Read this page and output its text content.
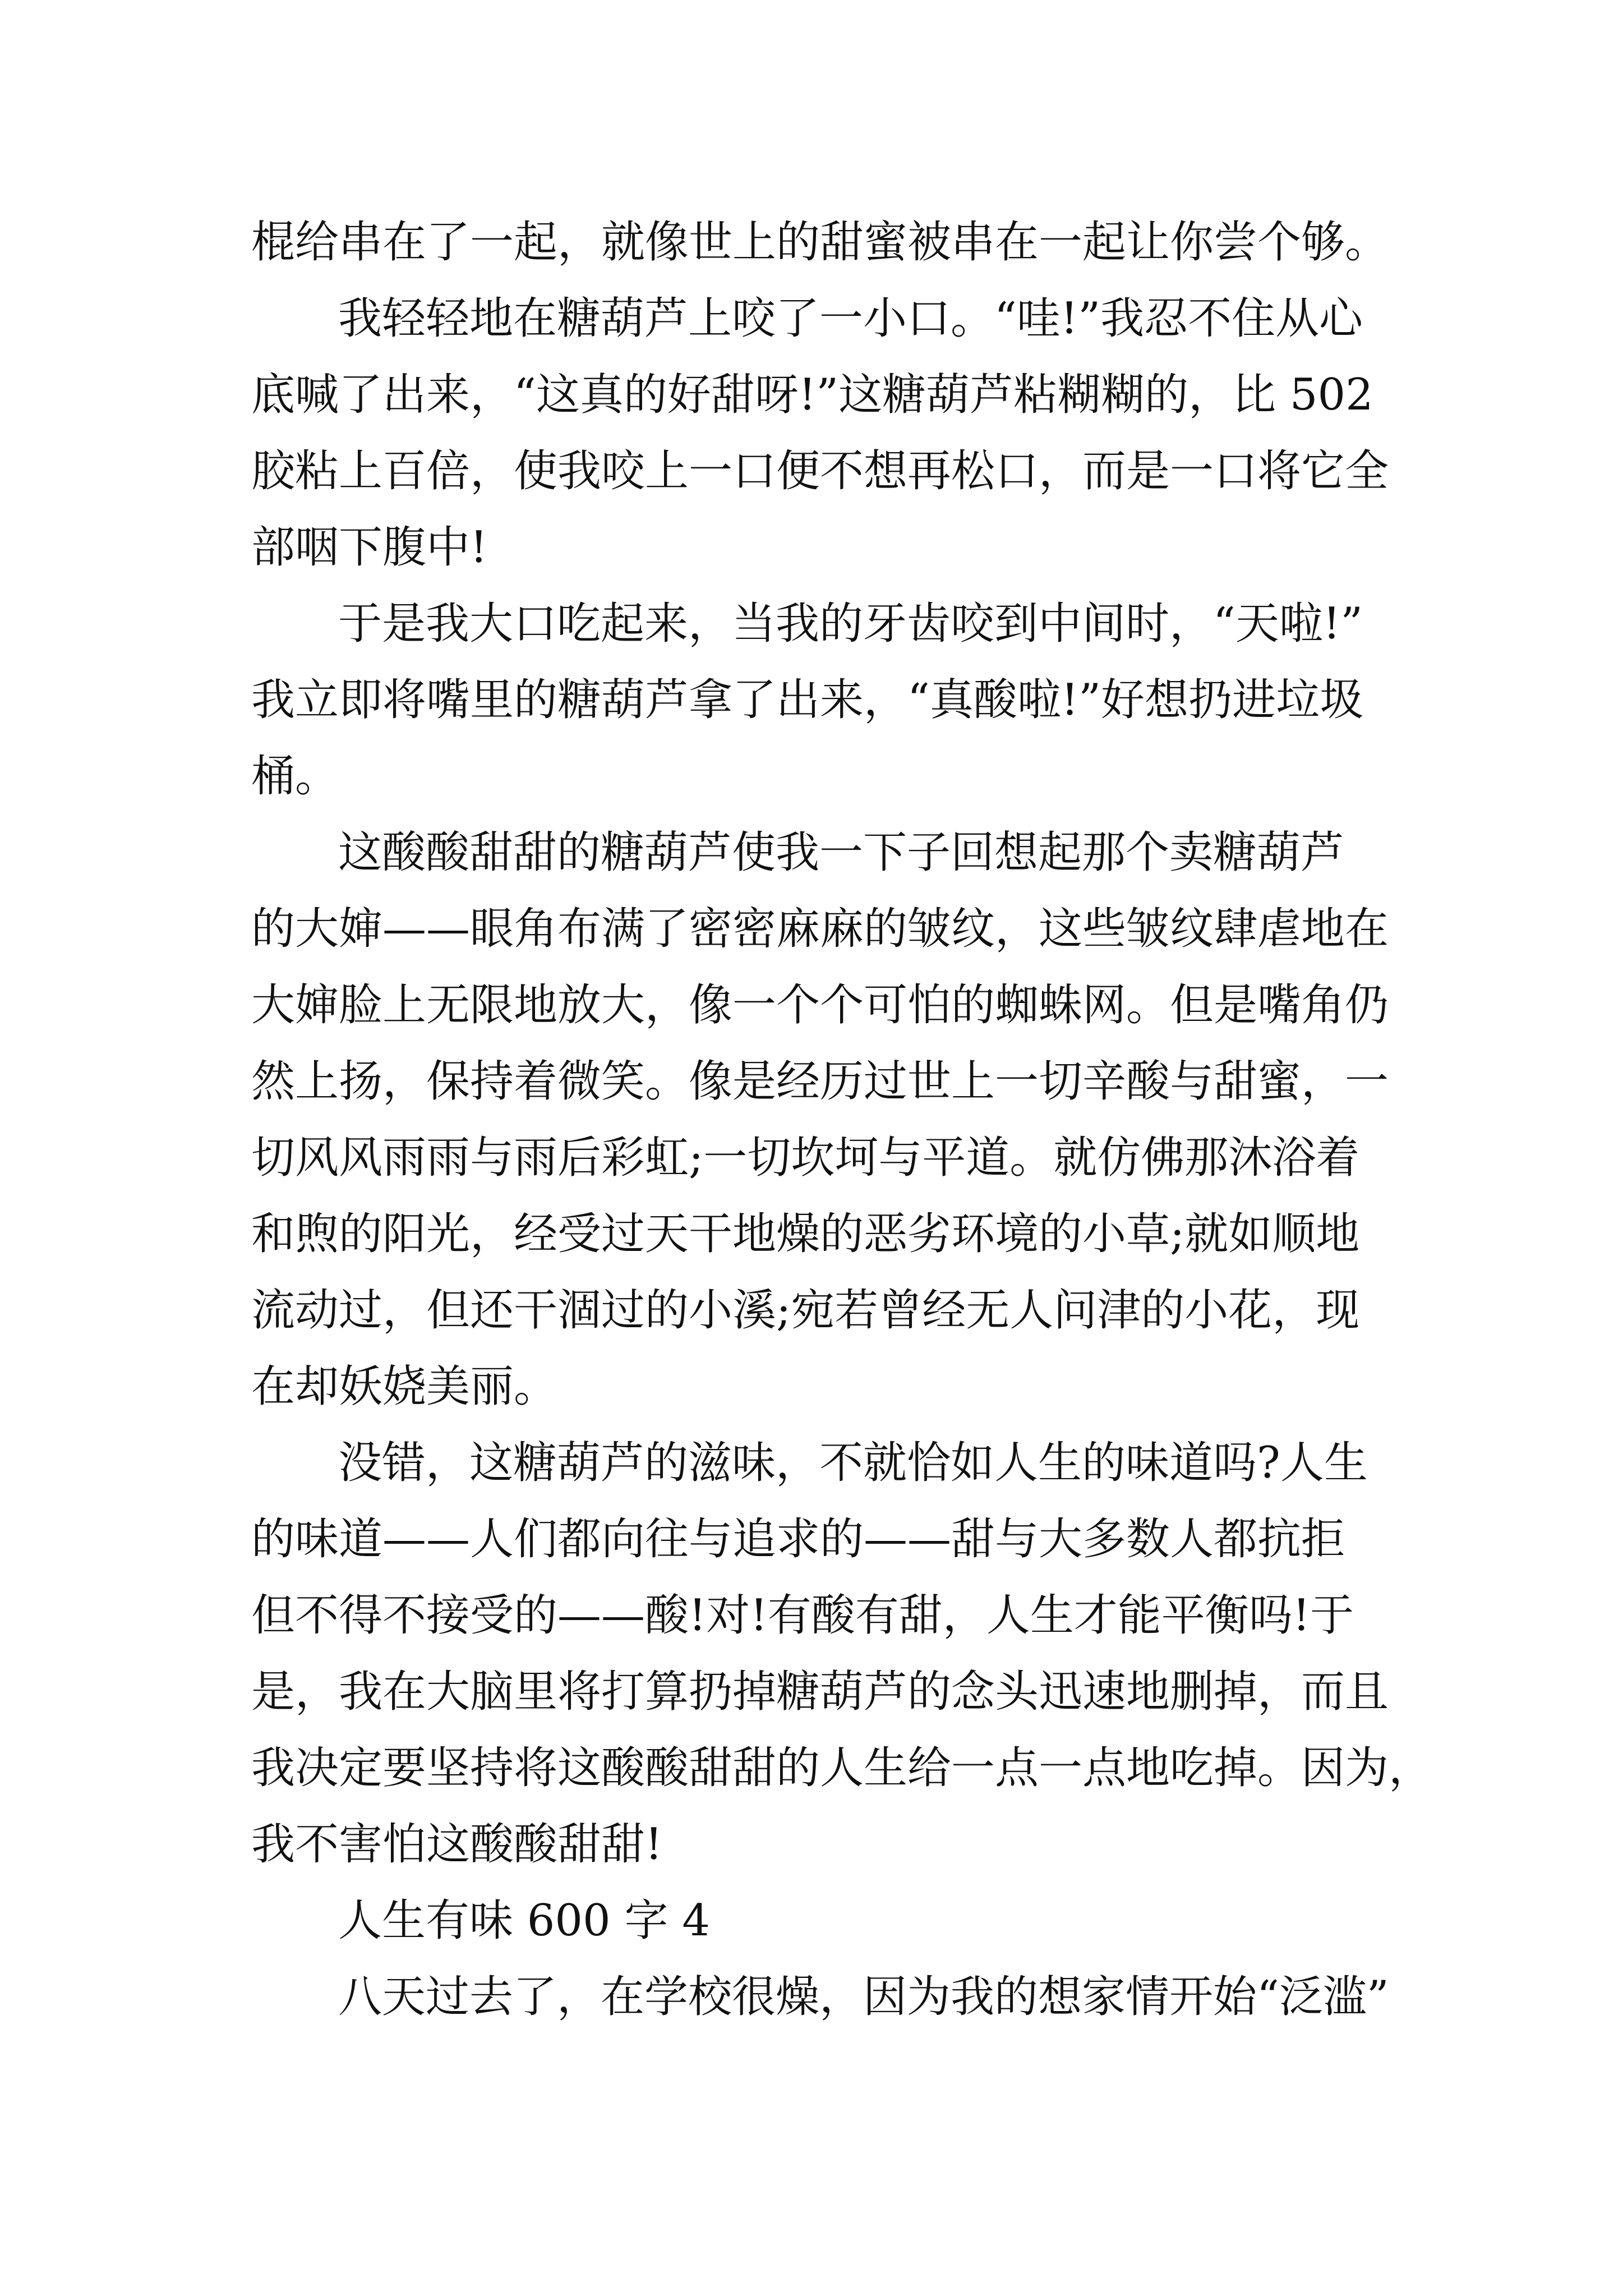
棍给串在了一起，就像世上的甜蜜被串在一起让你尝个够。
我轻轻地在糖葫芦上咬了一小口。“哇!”我忍不住从心
底喊了出来，“这真的好甜呀!”这糖葫芦粘糊糊的，比 502
胶粘上百倍，使我咬上一口便不想再松口，而是一口将它全
部咽下腹中!
于是我大口吃起来，当我的牙齿咬到中间时，“天啦!”
我立即将嘴里的糖葫芦拿了出来，“真酸啦!”好想扔进垃圾
桶。
这酸酸甜甜的糖葫芦使我一下子回想起那个卖糖葫芦
的大婶——眼角布满了密密麻麻的皱纹，这些皱纹肆虐地在
大婶脸上无限地放大，像一个个可怕的蜘蛛网。但是嘴角仍
然上扬，保持着微笑。像是经历过世上一切辛酸与甜蜜，一
切风风雨雨与雨后彩虹;一切坎坷与平道。就仿佛那沐浴着
和煦的阳光，经受过天干地燥的恶劣环境的小草;就如顺地
流动过，但还干涸过的小溪;宛若曾经无人问津的小花，现
在却妖娆美丽。
没错，这糖葫芦的滋味，不就恰如人生的味道吗?人生
的味道——人们都向往与追求的——甜与大多数人都抗拒
但不得不接受的——酸!对!有酸有甜，人生才能平衡吗!于
是，我在大脑里将打算扔掉糖葫芦的念头迅速地删掉，而且
我决定要坚持将这酸酸甜甜的人生给一点一点地吃掉。因为，
我不害怕这酸酸甜甜!
人生有味 600 字 4
八天过去了，在学校很燥，因为我的想家情开始“泛滥”
